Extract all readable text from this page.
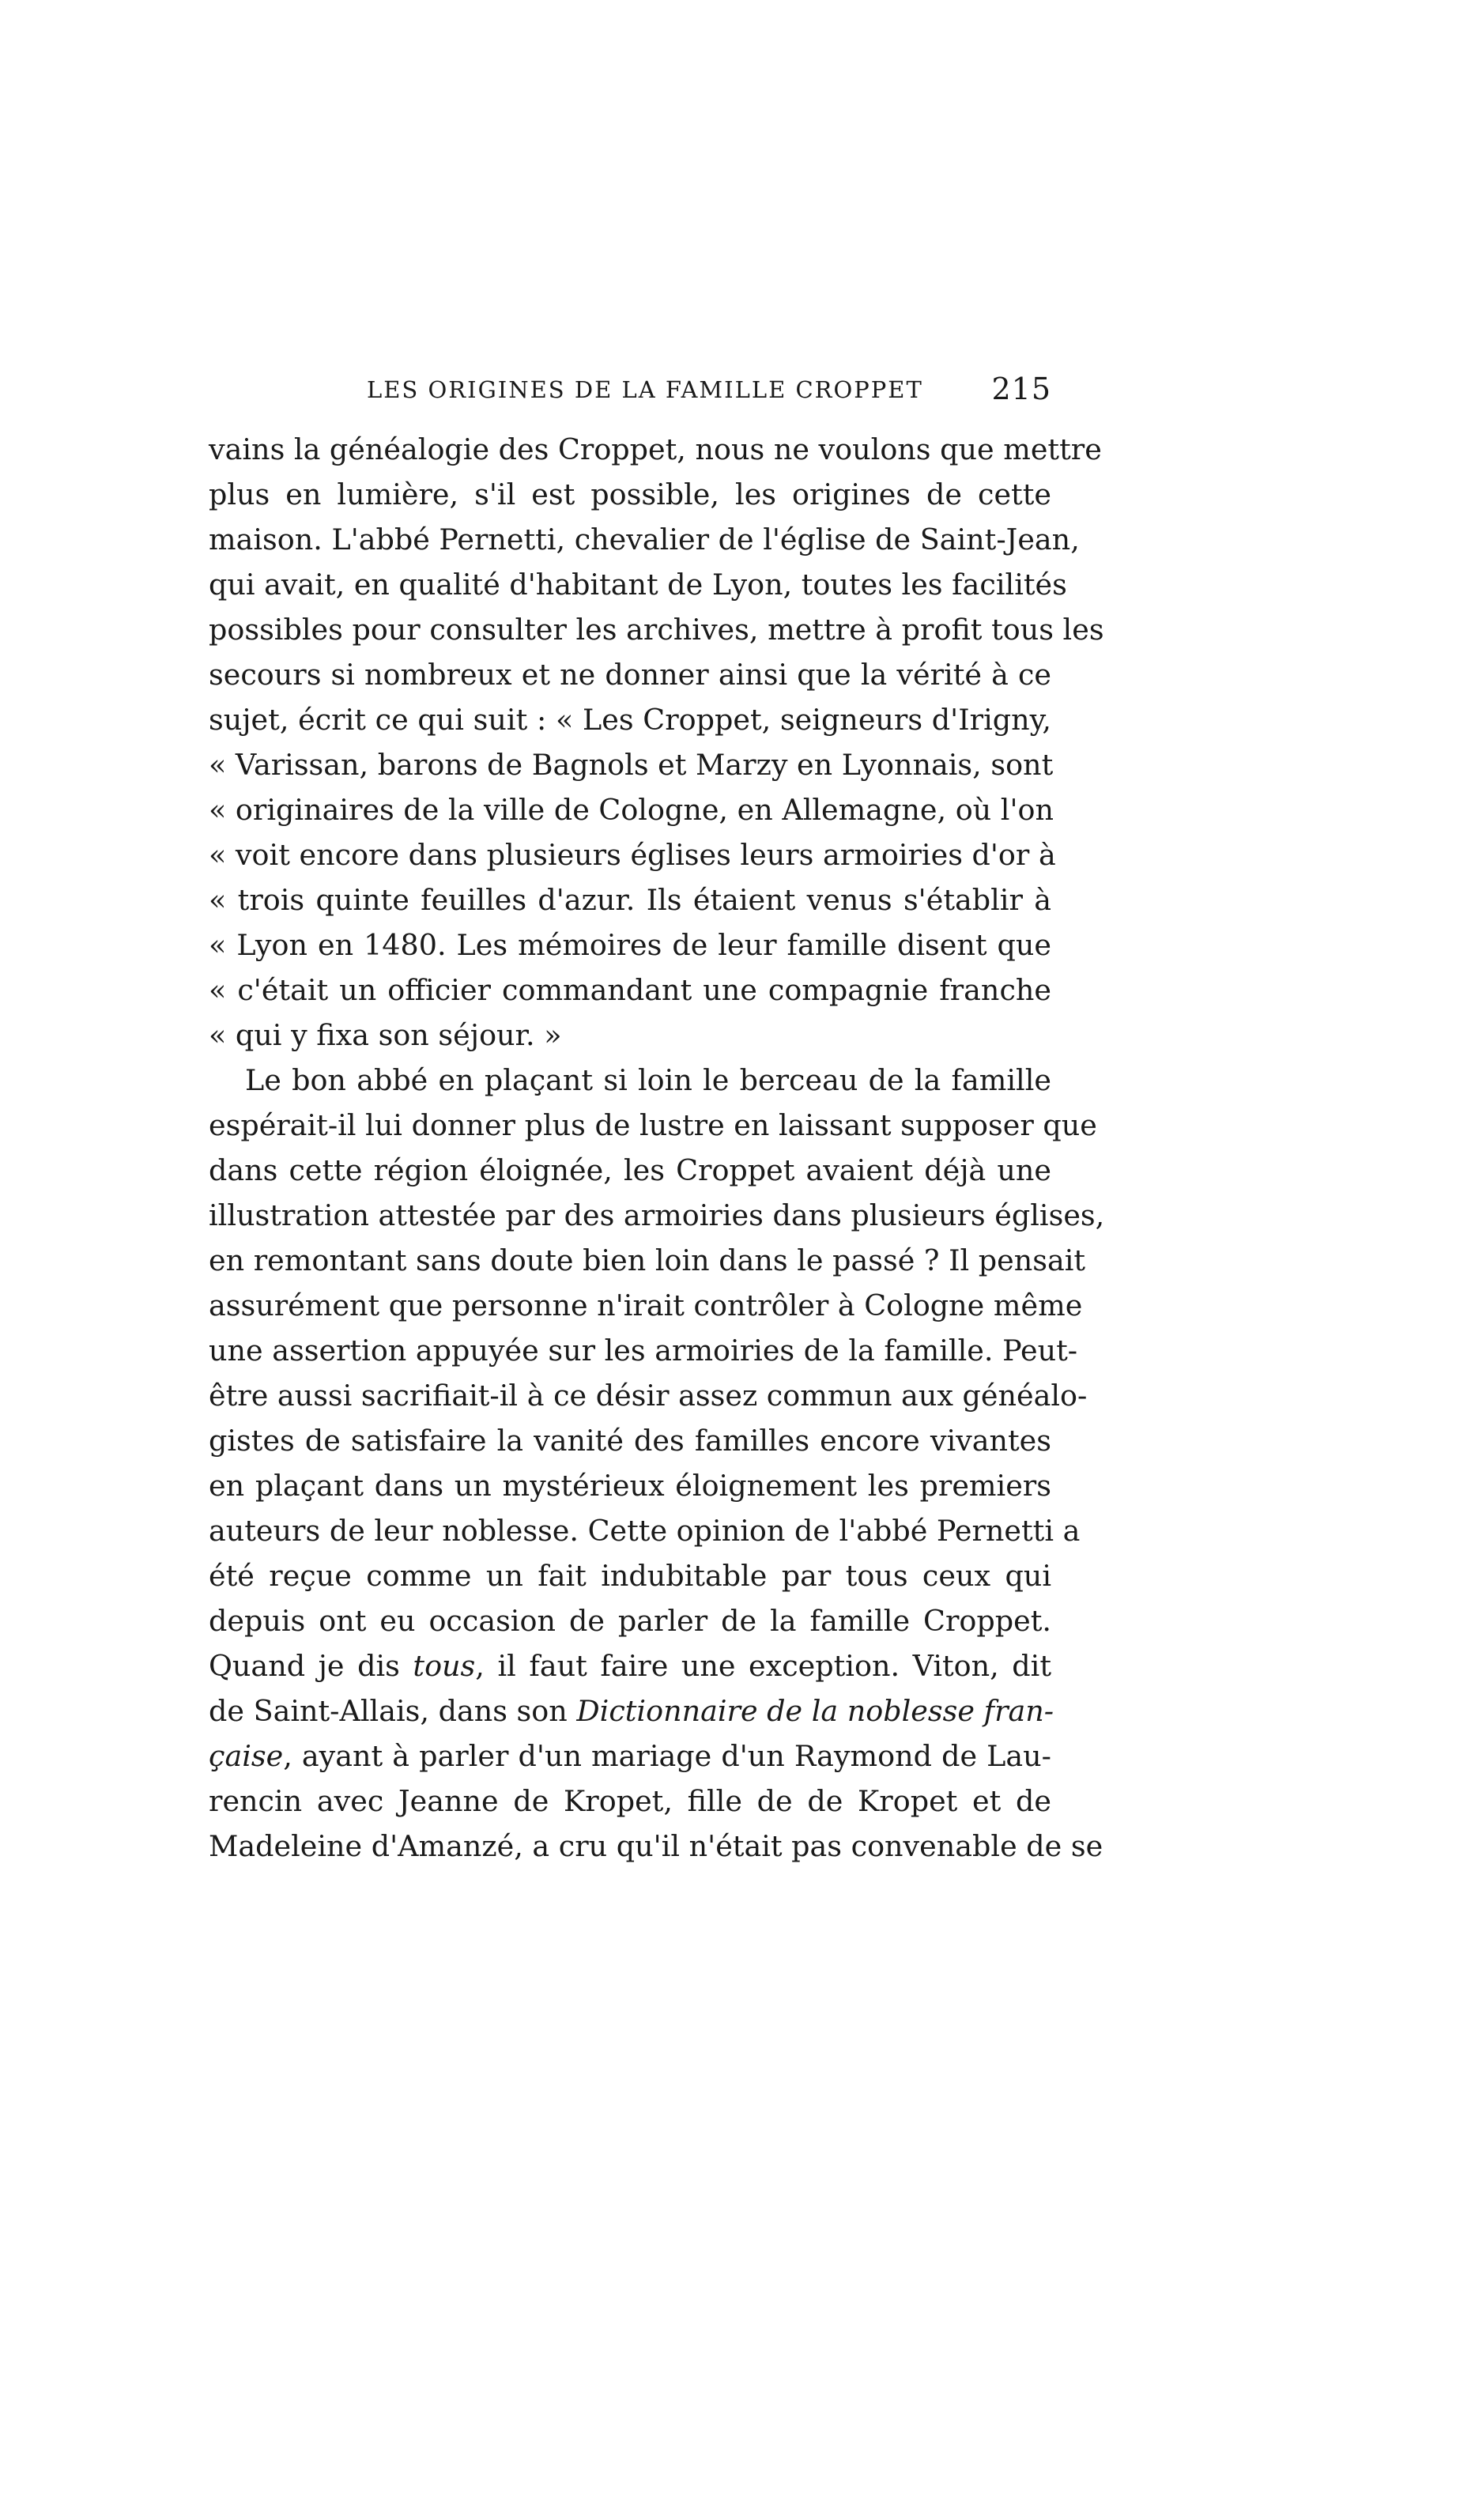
LES ORIGINES DE LA FAMILLE CROPPET 215
vains la généalogie des Croppet, nous ne voulons que mettre
plus en lumière, s'il est possible, les origines de cette
maison. L'abbé Pernetti, chevalier de l'église de Saint-Jean,
qui avait, en qualité d'habitant de Lyon, toutes les facilités
possibles pour consulter les archives, mettre à profit tous les
secours si nombreux et ne donner ainsi que la vérité à ce
sujet, écrit ce qui suit : « Les Croppet, seigneurs d'Irigny,
« Varissan, barons de Bagnols et Marzy en Lyonnais, sont
« originaires de la ville de Cologne, en Allemagne, où l'on
« voit encore dans plusieurs églises leurs armoiries d'or à
« trois quinte feuilles d'azur. Ils étaient venus s'établir à
« Lyon en 1480. Les mémoires de leur famille disent que
« c'était un officier commandant une compagnie franche
« qui y fixa son séjour. »
Le bon abbé en plaçant si loin le berceau de la famille
espérait-il lui donner plus de lustre en laissant supposer que
dans cette région éloignée, les Croppet avaient déjà une
illustration attestée par des armoiries dans plusieurs églises,
en remontant sans doute bien loin dans le passé ? Il pensait
assurément que personne n'irait contrôler à Cologne même
une assertion appuyée sur les armoiries de la famille. Peut-
être aussi sacrifiait-il à ce désir assez commun aux généalo-
gistes de satisfaire la vanité des familles encore vivantes
en plaçant dans un mystérieux éloignement les premiers
auteurs de leur noblesse. Cette opinion de l'abbé Pernetti a
été reçue comme un fait indubitable par tous ceux qui
depuis ont eu occasion de parler de la famille Croppet.
Quand je dis tous, il faut faire une exception. Viton, dit
de Saint-Allais, dans son Dictionnaire de la noblesse fran-
çaise, ayant à parler d'un mariage d'un Raymond de Lau-
rencin avec Jeanne de Kropet, fille de de Kropet et de
Madeleine d'Amanzé, a cru qu'il n'était pas convenable de se
